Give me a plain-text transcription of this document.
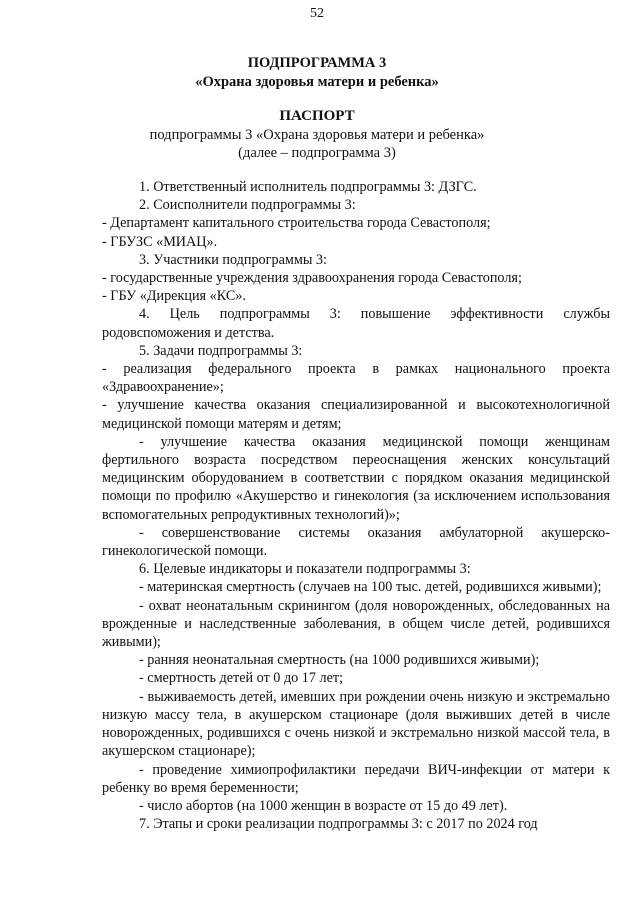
52
ПОДПРОГРАММА 3
«Охрана здоровья матери и ребенка»
ПАСПОРТ
подпрограммы 3 «Охрана здоровья матери и ребенка»
(далее – подпрограмма 3)

1. Ответственный исполнитель подпрограммы 3: ДЗГС.

2. Соисполнители подпрограммы 3:

- Департамент капитального строительства города Севастополя;

- ГБУЗС «МИАЦ».

3. Участники подпрограммы 3:

- государственные учреждения здравоохранения города Севастополя;

- ГБУ «Дирекция «КС».

4. Цель подпрограммы 3: повышение эффективности службы родовспоможения и детства.

5. Задачи подпрограммы 3:

- реализация федерального проекта в рамках национального проекта «Здравоохранение»;

- улучшение качества оказания специализированной и высокотехнологичной медицинской помощи матерям и детям;

- улучшение качества оказания медицинской помощи женщинам фертильного возраста посредством переоснащения женских консультаций медицинским оборудованием в соответствии с порядком оказания медицинской помощи по профилю «Акушерство и гинекология (за исключением использования вспомогательных репродуктивных технологий)»;

- совершенствование системы оказания амбулаторной акушерско-гинекологической помощи.

6. Целевые индикаторы и показатели подпрограммы 3:

- материнская смертность (случаев на 100 тыс. детей, родившихся живыми);

- охват неонатальным скринингом (доля новорожденных, обследованных на врожденные и наследственные заболевания, в общем числе детей, родившихся живыми);

- ранняя неонатальная смертность (на 1000 родившихся живыми);

- смертность детей от 0 до 17 лет;

- выживаемость детей, имевших при рождении очень низкую и экстремально низкую массу тела, в акушерском стационаре (доля выживших детей в числе новорожденных, родившихся с очень низкой и экстремально низкой массой тела, в акушерском стационаре);

- проведение химиопрофилактики передачи ВИЧ-инфекции от матери к ребенку во время беременности;

- число абортов (на 1000 женщин в возрасте от 15 до 49 лет).

7. Этапы и сроки реализации подпрограммы 3: с 2017 по 2024 год
